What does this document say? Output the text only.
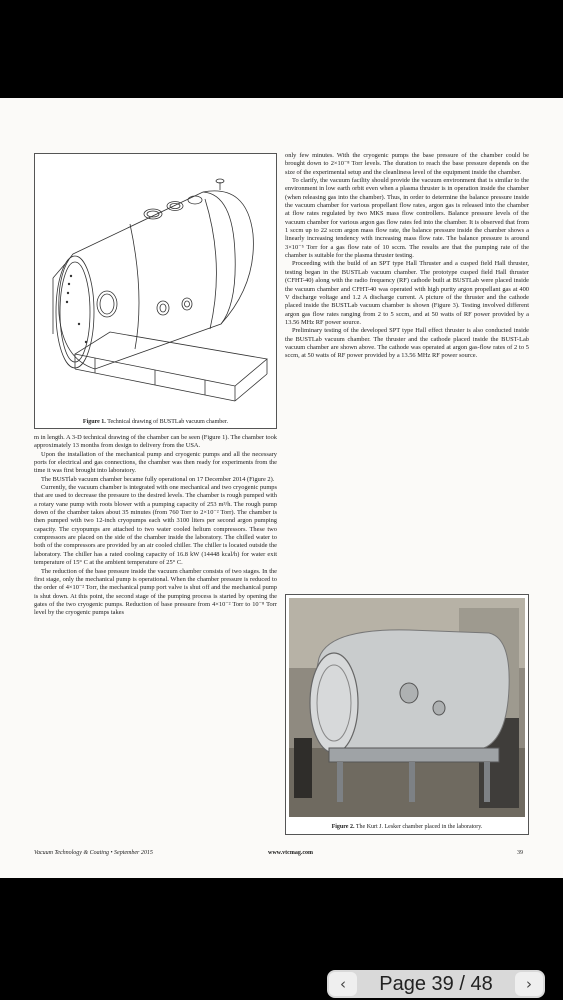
Figure 1. Technical drawing of BUSTLab vacuum chamber.

m in length. A 3-D technical drawing of the chamber can be seen (Figure 1). The chamber took approximately 13 months from design to delivery from the USA.

Upon the installation of the mechanical pump and cryogenic pumps and all the necessary ports for electrical and gas connections, the chamber was then ready for experiments from the time it was first brought into laboratory.

The BUSTlab vacuum chamber became fully operational on 17 December 2014 (Figure 2).

Currently, the vacuum chamber is integrated with one mechanical and two cryogenic pumps that are used to decrease the pressure to the desired levels. The chamber is rough pumped with a rotary vane pump with roots blower with a pumping capacity of 253 m³/h. The rough pump down of the chamber takes about 35 minutes (from 760 Torr to 2×10⁻² Torr). The chamber is then pumped with two 12-inch cryopumps each with 3100 liters per second argon pumping capacity. The cryopumps are attached to two water cooled helium compressors. These two compressors are placed on the side of the chamber inside the laboratory. The chilled water to both of the compressors are provided by an air cooled chiller. The chiller is located outside the laboratory. The chiller has a rated cooling capacity of 16.8 kW (14448 kcal/h) for water exit temperature of 15° C at the ambient temperature of 25° C.

The reduction of the base pressure inside the vacuum chamber consists of two stages. In the first stage, only the mechanical pump is operational. When the chamber pressure is reduced to the order of 4×10⁻² Torr, the mechanical pump port valve is shut off and the mechanical pump is shut down. At this point, the second stage of the pumping process is started by opening the gates of the two cryogenic pumps. Reduction of base pressure from 4×10⁻² Torr to 10⁻⁸ Torr level by the cryogenic pumps takes

only few minutes. With the cryogenic pumps the base pressure of the chamber could be brought down to 2×10⁻⁸ Torr levels. The duration to reach the base pressure depends on the size of the experimental setup and the cleanliness level of the equipment inside the chamber.

To clarify, the vacuum facility should provide the vacuum environment that is similar to the environment in low earth orbit even when a plasma thruster is in operation inside the chamber (when releasing gas into the chamber). Thus, in order to determine the balance pressure inside the vacuum chamber for various propellant flow rates, argon gas is released into the chamber at flow rates regulated by two MKS mass flow controllers. Balance pressure levels of the vacuum chamber for various argon gas flow rates fed into the chamber. It is observed that from 1 sccm up to 22 sccm argon mass flow rate, the balance pressure inside the chamber shows a linearly increasing tendency with increasing mass flow rate. The balance pressure is around 3×10⁻⁵ Torr for a gas flow rate of 10 sccm. The results are that the pumping rate of the chamber is suitable for the plasma thruster testing.

Proceeding with the build of an SPT type Hall Thruster and a cusped field Hall thruster, testing began in the BUSTLab vacuum chamber. The prototype cusped field Hall thruster (CFHT-40) along with the radio frequency (RF) cathode built at BUSTLab were placed inside the vacuum chamber and CFHT-40 was operated with high purity argon propellant gas at 400 V discharge voltage and 1.2 A discharge current. A picture of the thruster and the cathode placed inside the BUSTLab vacuum chamber is shown (Figure 3). Testing involved different argon gas flow rates ranging from 2 to 5 sccm, and at 50 watts of RF power provided by a 13.56 MHz RF power source.

Preliminary testing of the developed SPT type Hall effect thruster is also conducted inside the BUSTLab vacuum chamber. The thruster and the cathode placed inside the BUST-Lab vacuum chamber are shown above. The cathode was operated at argon gas-flow rates of 2 to 5 sccm, at 50 watts of RF power provided by a 13.56 MHz RF power source.

Figure 2. The Kurt J. Lesker chamber placed in the laboratory.
Vacuum Technology & Coating • September 2015	www.vtcmag.com	39
‹	Page 39 / 48	›
